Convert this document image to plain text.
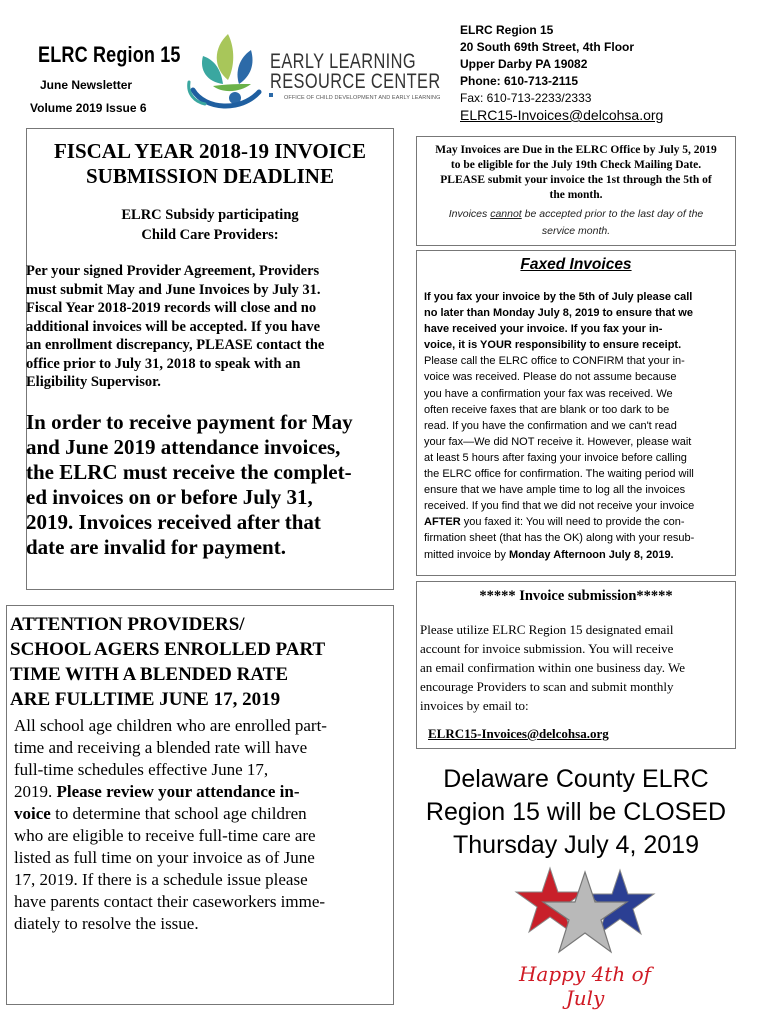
ELRC Region 15
June Newsletter
Volume 2019 Issue 6
EARLY LEARNING
RESOURCE CENTER
OFFICE OF CHILD DEVELOPMENT AND EARLY LEARNING
ELRC Region 15
20 South 69th Street, 4th Floor
Upper Darby PA 19082
Phone: 610-713-2115
Fax: 610-713-2233/2333
ELRC15-Invoices@delcohsa.org
FISCAL YEAR 2018-19 INVOICE
SUBMISSION DEADLINE
ELRC Subsidy participating
Child Care Providers:
Per your signed Provider Agreement, Providers
must submit May and June Invoices by July 31.
Fiscal Year 2018-2019 records will close and no
additional invoices will be accepted. If you have
an enrollment discrepancy, PLEASE contact the
office prior to July 31, 2018 to speak with an
Eligibility Supervisor.
In order to receive payment for May
and June 2019 attendance invoices,
the ELRC must receive the complet-
ed invoices on or before July 31,
2019. Invoices received after that
date are invalid for payment.
May Invoices are Due in the ELRC Office by July 5, 2019
to be eligible for the July 19th Check Mailing Date.
PLEASE submit your invoice the 1st through the 5th of
the month.
Invoices cannot be accepted prior to the last day of the
service month.
Faxed Invoices
If you fax your invoice by the 5th of July please call
no later than Monday July 8, 2019 to ensure that we
have received your invoice. If you fax your in-
voice, it is YOUR responsibility to ensure receipt.
Please call the ELRC office to CONFIRM that your in-
voice was received. Please do not assume because
you have a confirmation your fax was received. We
often receive faxes that are blank or too dark to be
read. If you have the confirmation and we can't read
your fax—We did NOT receive it. However, please wait
at least 5 hours after faxing your invoice before calling
the ELRC office for confirmation. The waiting period will
ensure that we have ample time to log all the invoices
received. If you find that we did not receive your invoice
AFTER you faxed it: You will need to provide the con-
firmation sheet (that has the OK) along with your resub-
mitted invoice by Monday Afternoon July 8, 2019.
***** Invoice submission*****
Please utilize ELRC Region 15 designated email
account for invoice submission. You will receive
an email confirmation within one business day. We
encourage Providers to scan and submit monthly
invoices by email to:
ELRC15-Invoices@delcohsa.org
Delaware County ELRC
Region 15 will be CLOSED
Thursday July 4, 2019
Happy 4th of July
ATTENTION PROVIDERS/
SCHOOL AGERS ENROLLED PART
TIME WITH A BLENDED RATE
ARE FULLTIME JUNE 17, 2019
All school age children who are enrolled part-
time and receiving a blended rate will have
full-time schedules effective June 17,
2019. Please review your attendance in-
voice to determine that school age children
who are eligible to receive full-time care are
listed as full time on your invoice as of June
17, 2019. If there is a schedule issue please
have parents contact their caseworkers imme-
diately to resolve the issue.
